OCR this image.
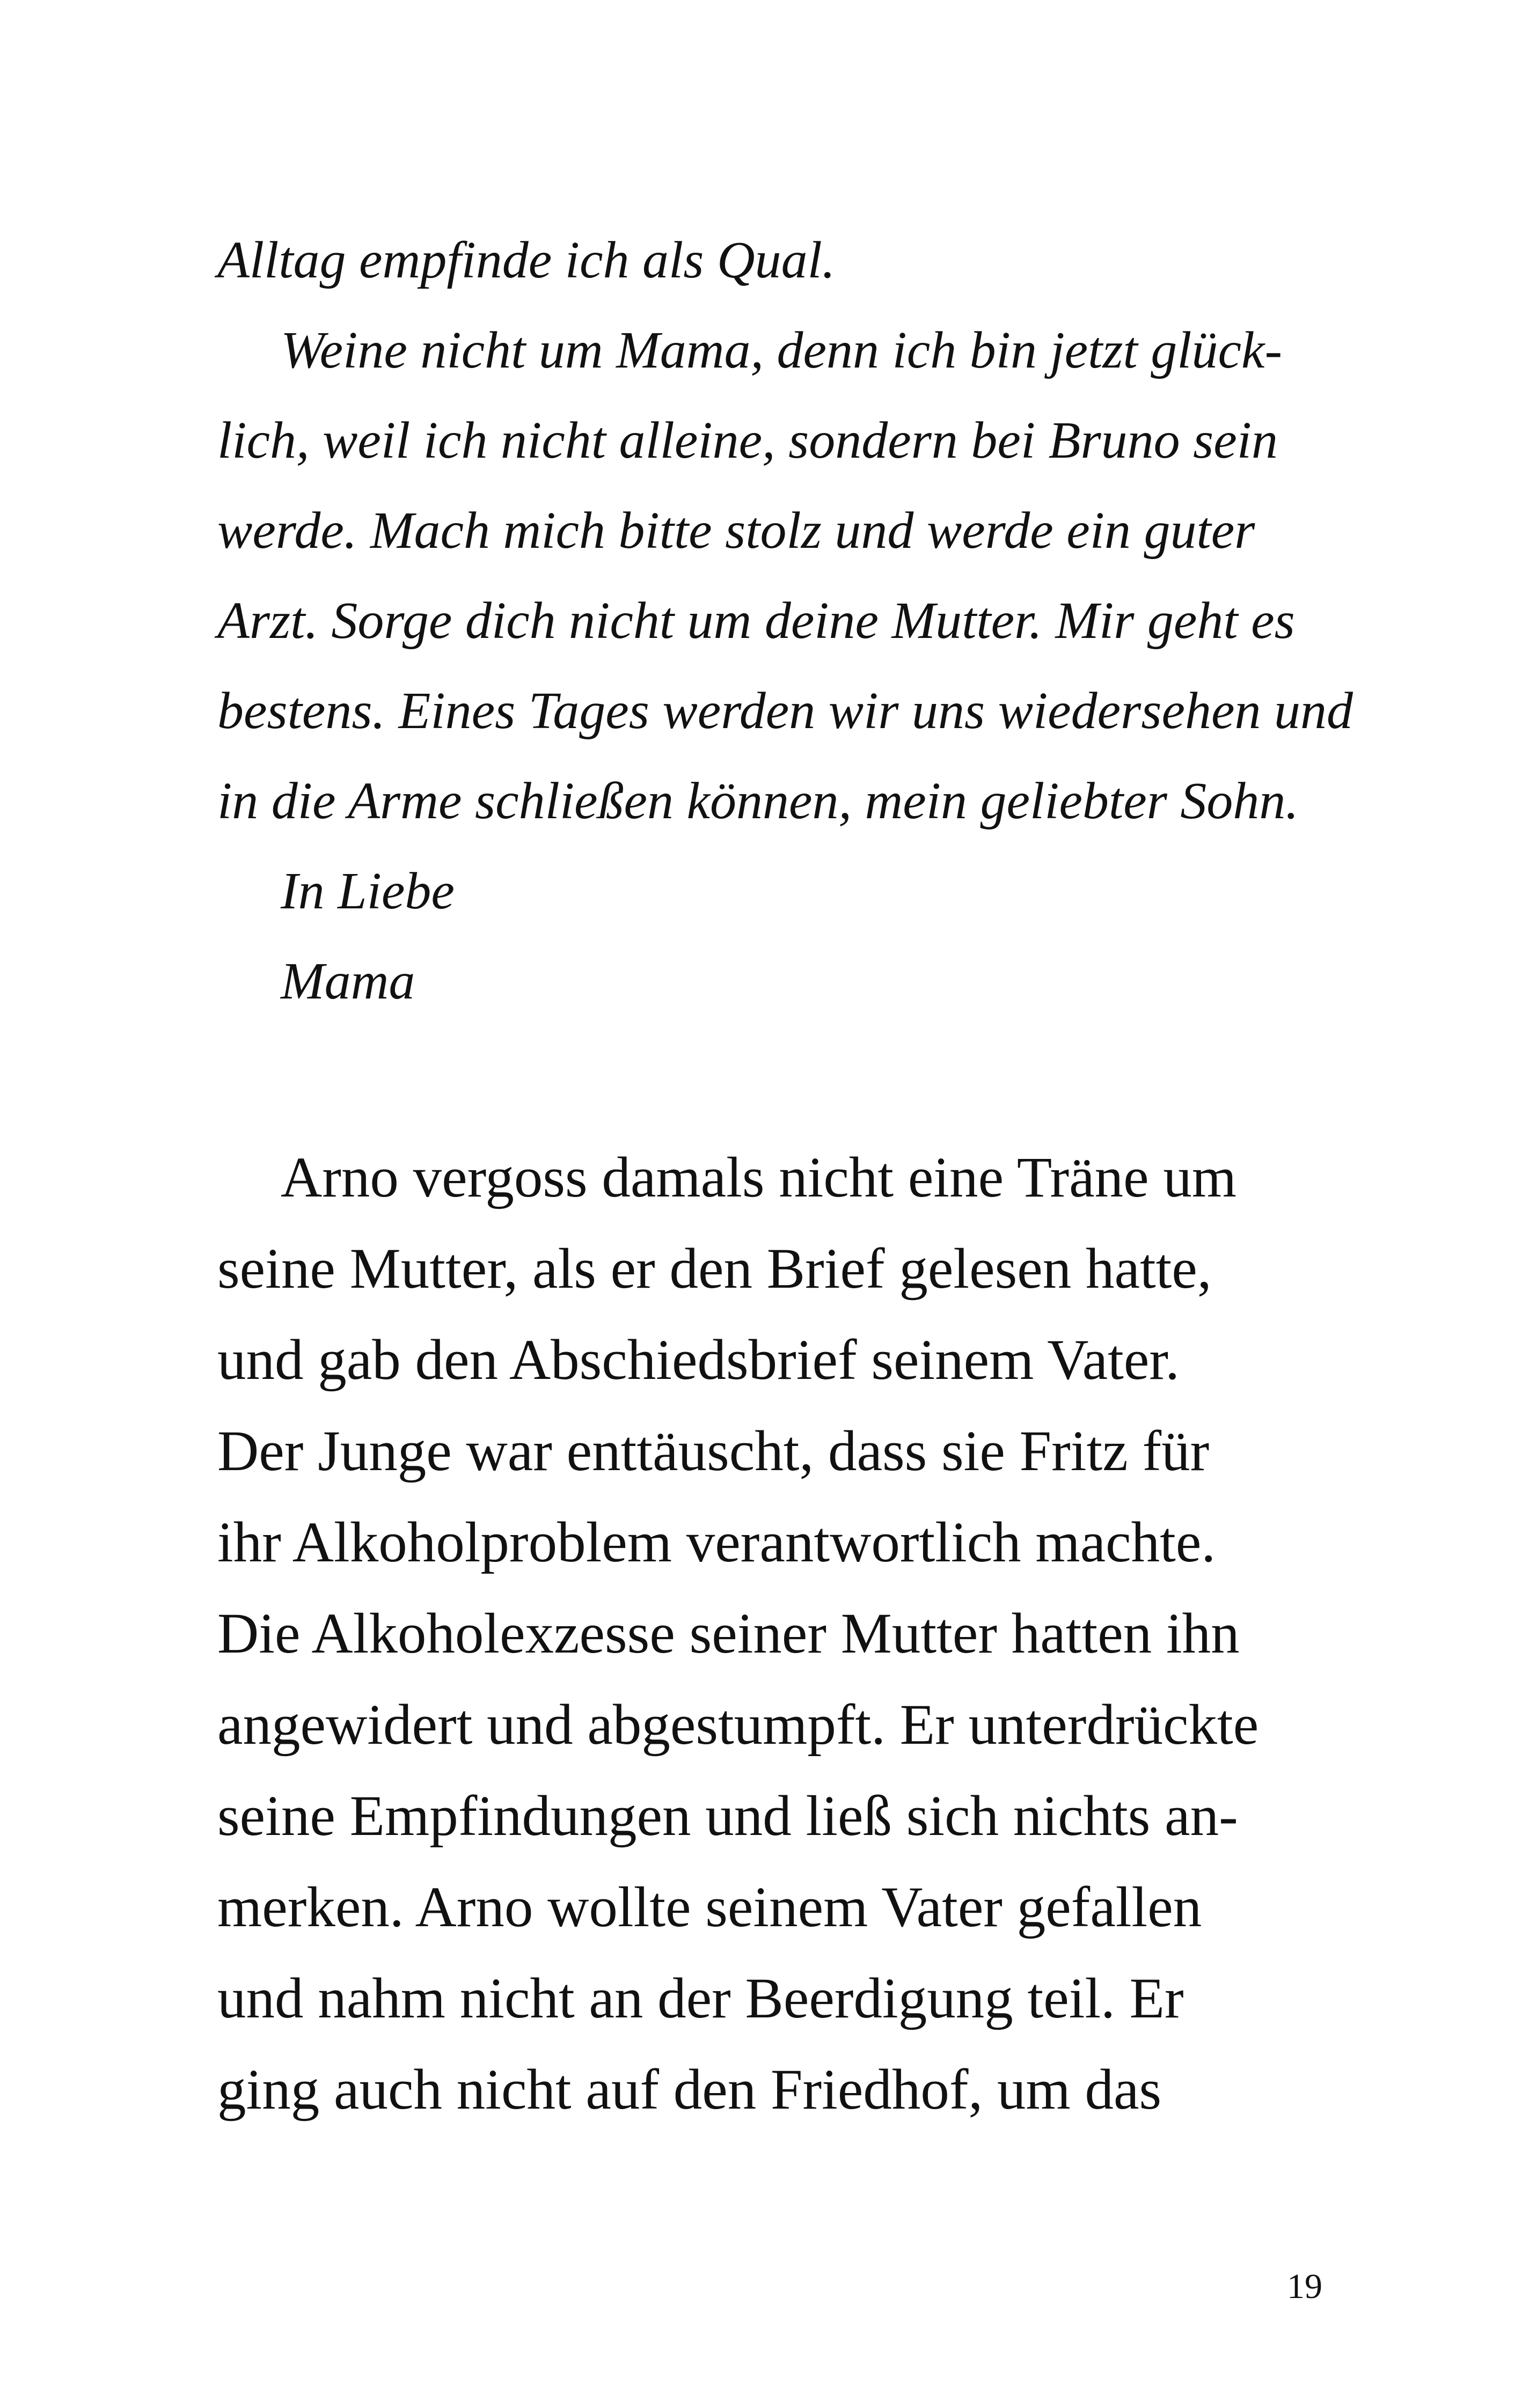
Alltag empfinde ich als Qual.
Weine nicht um Mama, denn ich bin jetzt glück-
lich, weil ich nicht alleine, sondern bei Bruno sein
werde. Mach mich bitte stolz und werde ein guter
Arzt. Sorge dich nicht um deine Mutter. Mir geht es
bestens. Eines Tages werden wir uns wiedersehen und
in die Arme schließen können, mein geliebter Sohn.
In Liebe
Mama
Arno vergoss damals nicht eine Träne um
seine Mutter, als er den Brief gelesen hatte,
und gab den Abschiedsbrief seinem Vater.
Der Junge war enttäuscht, dass sie Fritz für
ihr Alkoholproblem verantwortlich machte.
Die Alkoholexzesse seiner Mutter hatten ihn
angewidert und abgestumpft. Er unterdrückte
seine Empfindungen und ließ sich nichts an-
merken. Arno wollte seinem Vater gefallen
und nahm nicht an der Beerdigung teil. Er
ging auch nicht auf den Friedhof, um das
19
